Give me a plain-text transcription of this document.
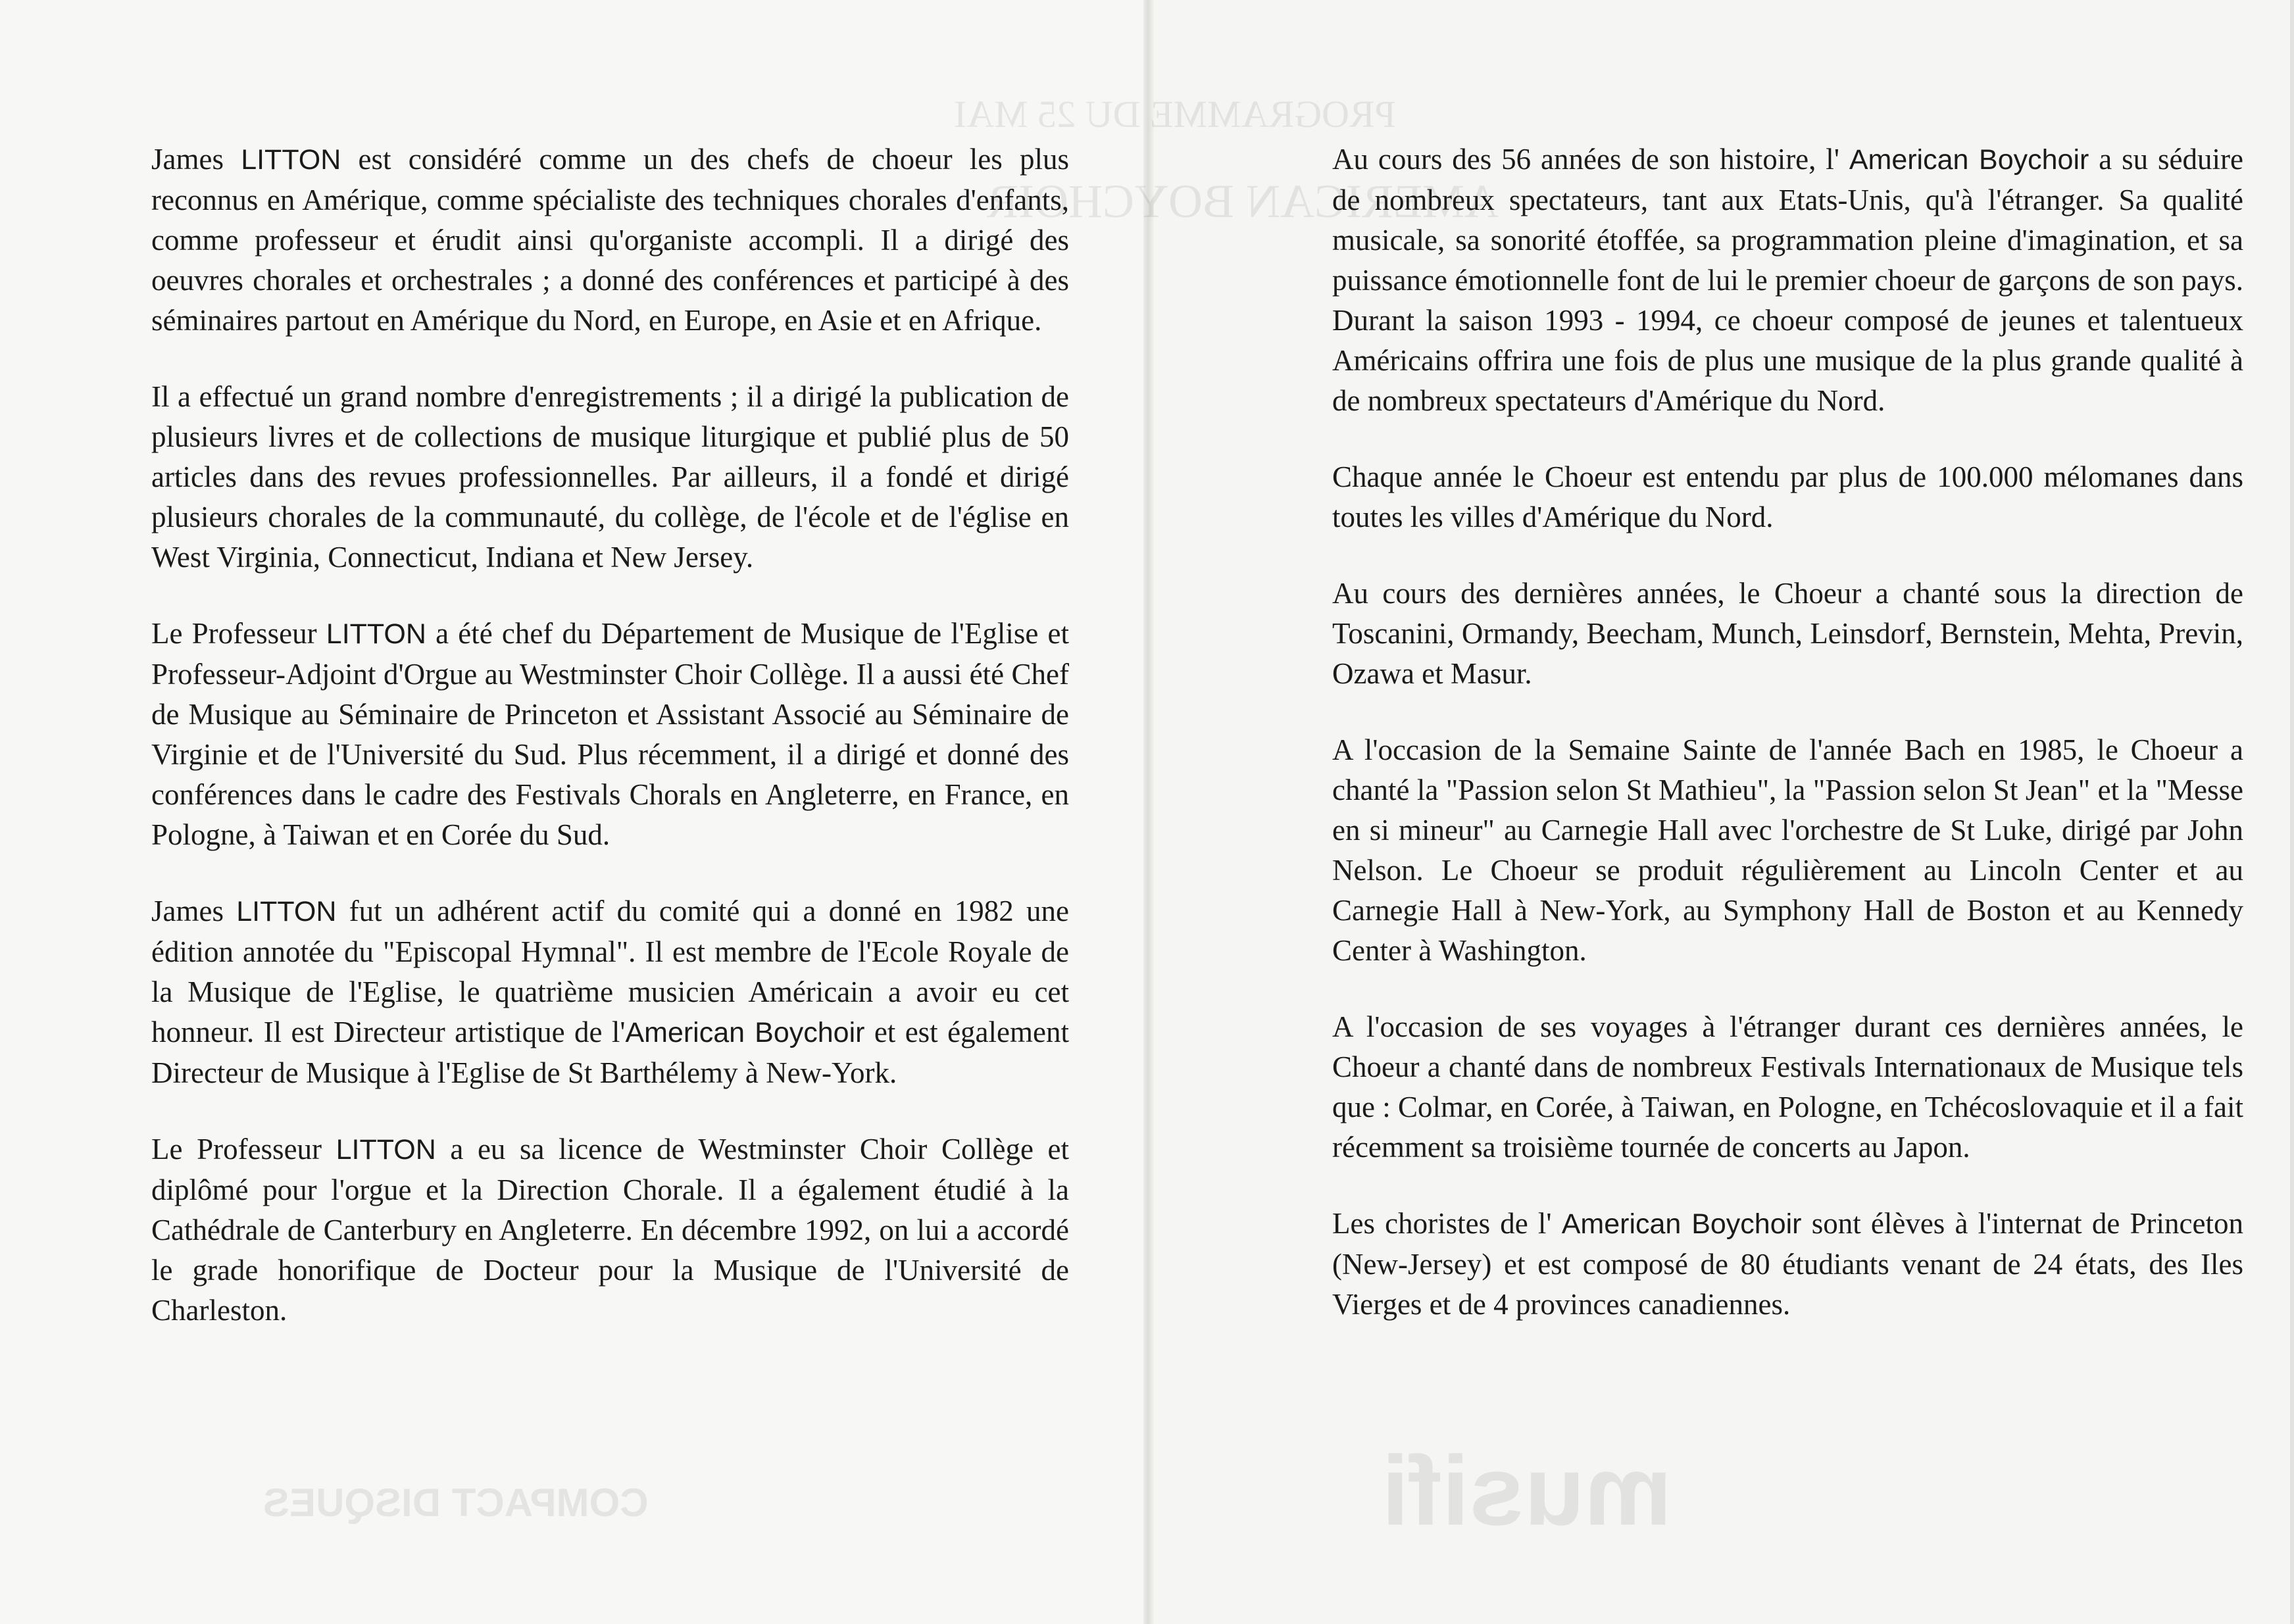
PROGRAMME DU 25 MAI
AMERICAN BOYCHOIR
COMPACT DISQUES	musifi

James LITTON est considéré comme un des chefs de choeur les plus reconnus en Amérique, comme spécialiste des techniques chorales d'enfants, comme professeur et érudit ainsi qu'organiste accompli. Il a dirigé des oeuvres chorales et orchestrales ; a donné des conférences et participé à des séminaires partout en Amérique du Nord, en Europe, en Asie et en Afrique.

Il a effectué un grand nombre d'enregistrements ; il a dirigé la publication de plusieurs livres et de collections de musique liturgique et publié plus de 50 articles dans des revues professionnelles. Par ailleurs, il a fondé et dirigé plusieurs chorales de la communauté, du collège, de l'école et de l'église en West Virginia, Connecticut, Indiana et New Jersey.

Le Professeur LITTON a été chef du Département de Musique de l'Eglise et Professeur-Adjoint d'Orgue au Westminster Choir Collège. Il a aussi été Chef de Musique au Séminaire de Princeton et Assistant Associé au Séminaire de Virginie et de l'Université du Sud. Plus récemment, il a dirigé et donné des conférences dans le cadre des Festivals Chorals en Angleterre, en France, en Pologne, à Taiwan et en Corée du Sud.

James LITTON fut un adhérent actif du comité qui a donné en 1982 une édition annotée du "Episcopal Hymnal". Il est membre de l'Ecole Royale de la Musique de l'Eglise, le quatrième musicien Américain a avoir eu cet honneur. Il est Directeur artistique de l'American Boychoir et est également Directeur de Musique à l'Eglise de St Barthélemy à New-York.

Le Professeur LITTON a eu sa licence de Westminster Choir Collège et diplômé pour l'orgue et la Direction Chorale. Il a également étudié à la Cathédrale de Canterbury en Angleterre. En décembre 1992, on lui a accordé le grade honorifique de Docteur pour la Musique de l'Université de Charleston.

Au cours des 56 années de son histoire, l' American Boychoir a su séduire de nombreux spectateurs, tant aux Etats-Unis, qu'à l'étranger. Sa qualité musicale, sa sonorité étoffée, sa programmation pleine d'imagination, et sa puissance émotionnelle font de lui le premier choeur de garçons de son pays. Durant la saison 1993 - 1994, ce choeur composé de jeunes et talentueux Américains offrira une fois de plus une musique de la plus grande qualité à de nombreux spectateurs d'Amérique du Nord.

Chaque année le Choeur est entendu par plus de 100.000 mélomanes dans toutes les villes d'Amérique du Nord.

Au cours des dernières années, le Choeur a chanté sous la direction de Toscanini, Ormandy, Beecham, Munch, Leinsdorf, Bernstein, Mehta, Previn, Ozawa et Masur.

A l'occasion de la Semaine Sainte de l'année Bach en 1985, le Choeur a chanté la "Passion selon St Mathieu", la "Passion selon St Jean" et la "Messe en si mineur" au Carnegie Hall avec l'orchestre de St Luke, dirigé par John Nelson. Le Choeur se produit régulièrement au Lincoln Center et au Carnegie Hall à New-York, au Symphony Hall de Boston et au Kennedy Center à Washington.

A l'occasion de ses voyages à l'étranger durant ces dernières années, le Choeur a chanté dans de nombreux Festivals Internationaux de Musique tels que : Colmar, en Corée, à Taiwan, en Pologne, en Tchécoslovaquie et il a fait récemment sa troisième tournée de concerts au Japon.

Les choristes de l' American Boychoir sont élèves à l'internat de Princeton (New-Jersey) et est composé de 80 étudiants venant de 24 états, des Iles Vierges et de 4 provinces canadiennes.
